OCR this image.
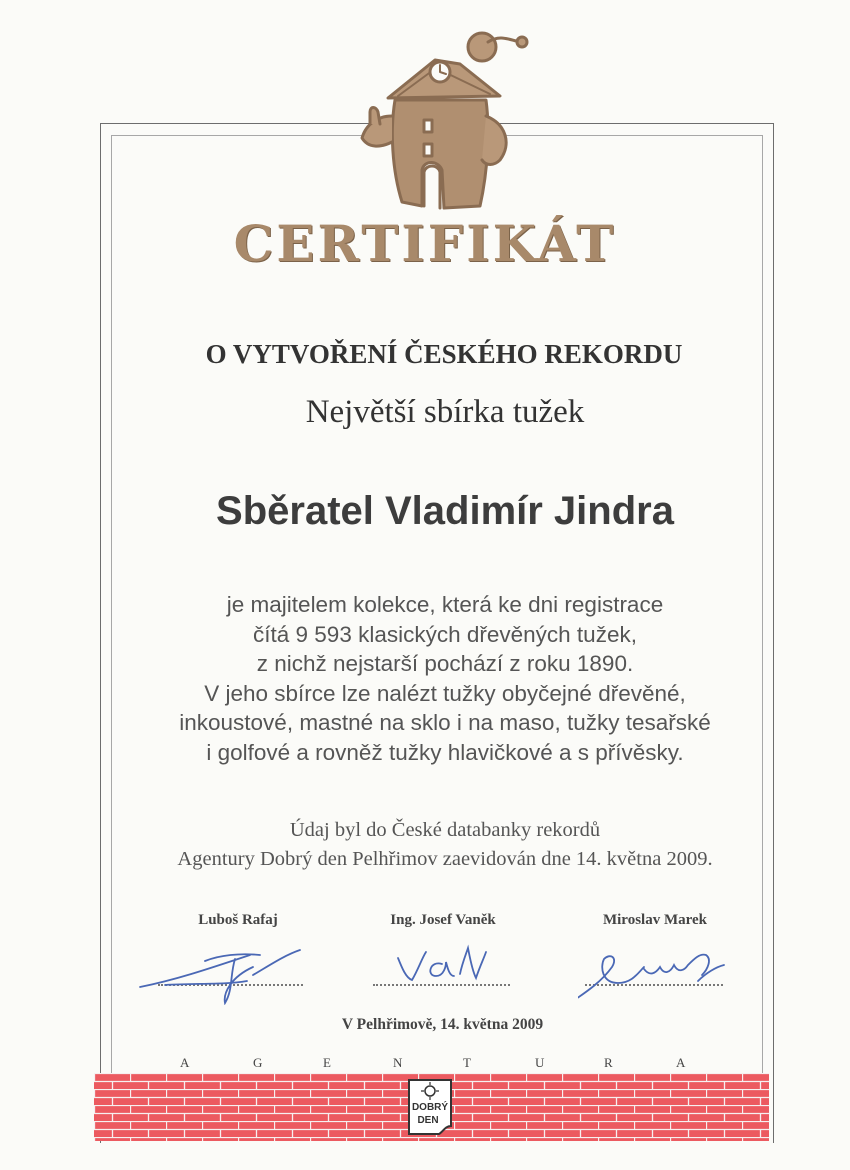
CERTIFIKÁT
O VYTVOŘENÍ ČESKÉHO REKORDU
Největší sbírka tužek
Sběratel Vladimír Jindra
je majitelem kolekce, která ke dni registrace
čítá 9 593 klasických dřevěných tužek,
z nichž nejstarší pochází z roku 1890.
V jeho sbírce lze nalézt tužky obyčejné dřevěné,
inkoustové, mastné na sklo i na maso, tužky tesařské
i golfové a rovněž tužky hlavičkové a s přívěsky.
Údaj byl do České databanky rekordů
Agentury Dobrý den Pelhřimov zaevidován dne 14. května 2009.
Luboš Rafaj	Ing. Josef Vaněk	Miroslav Marek
V Pelhřimově, 14. května 2009
A	G	E	N	T	U	R	A
DOBRÝ
DEN
